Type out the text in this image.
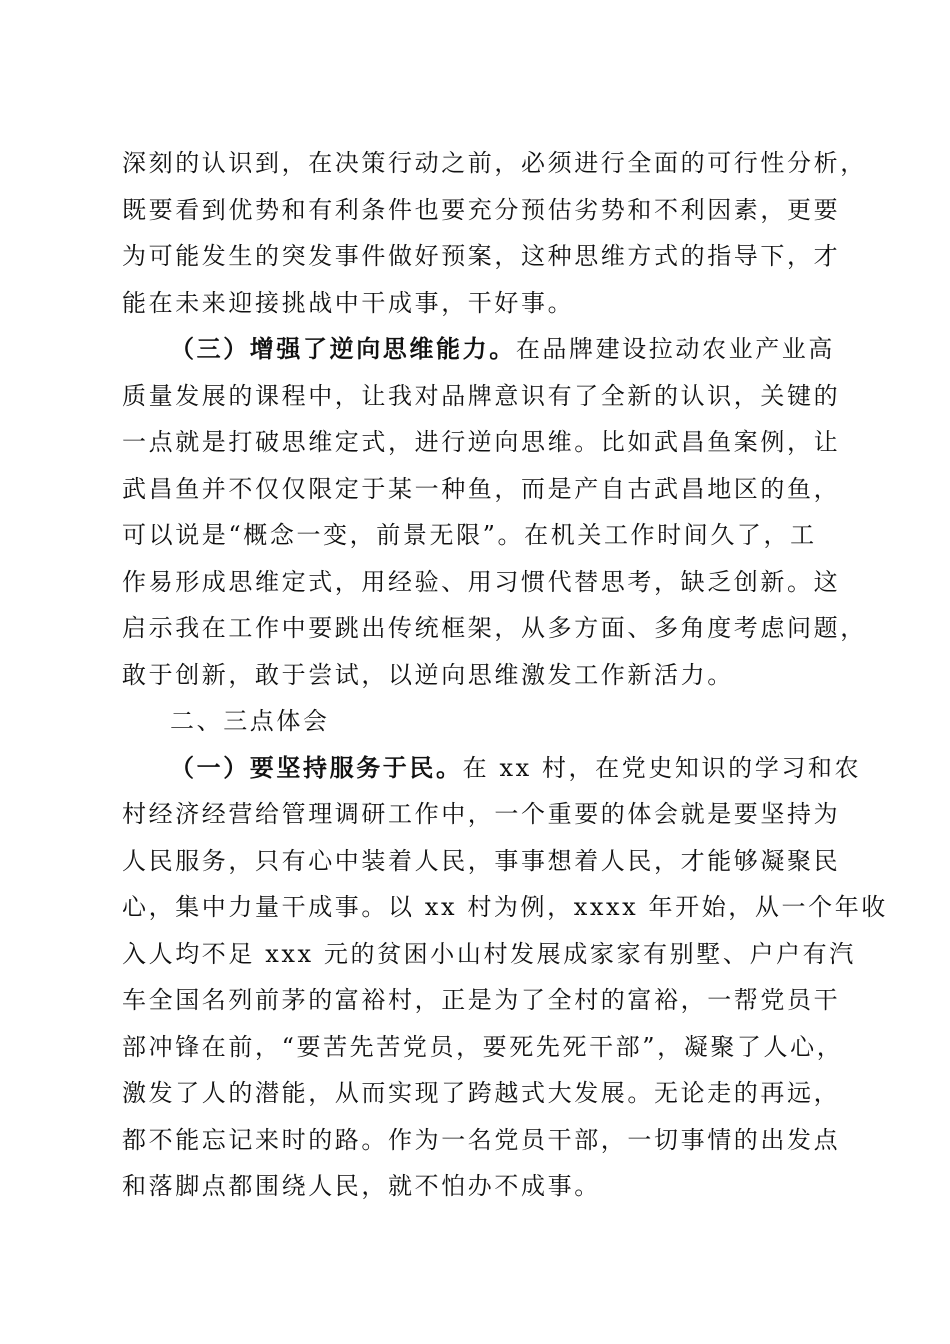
深刻的认识到，在决策行动之前，必须进行全面的可行性分析，
既要看到优势和有利条件也要充分预估劣势和不利因素，更要
为可能发生的突发事件做好预案，这种思维方式的指导下，才
能在未来迎接挑战中干成事，干好事。
（三）增强了逆向思维能力。在品牌建设拉动农业产业高
质量发展的课程中，让我对品牌意识有了全新的认识，关键的
一点就是打破思维定式，进行逆向思维。比如武昌鱼案例，让
武昌鱼并不仅仅限定于某一种鱼，而是产自古武昌地区的鱼，
可以说是“概念一变，前景无限”。在机关工作时间久了，工
作易形成思维定式，用经验、用习惯代替思考，缺乏创新。这
启示我在工作中要跳出传统框架，从多方面、多角度考虑问题，
敢于创新，敢于尝试，以逆向思维激发工作新活力。
二、三点体会
（一）要坚持服务于民。在 xx 村，在党史知识的学习和农
村经济经营给管理调研工作中，一个重要的体会就是要坚持为
人民服务，只有心中装着人民，事事想着人民，才能够凝聚民
心，集中力量干成事。以 xx 村为例，xxxx 年开始，从一个年收
入人均不足 xxx 元的贫困小山村发展成家家有别墅、户户有汽
车全国名列前茅的富裕村，正是为了全村的富裕，一帮党员干
部冲锋在前，“要苦先苦党员，要死先死干部”，凝聚了人心，
激发了人的潜能，从而实现了跨越式大发展。无论走的再远，
都不能忘记来时的路。作为一名党员干部，一切事情的出发点
和落脚点都围绕人民，就不怕办不成事。
